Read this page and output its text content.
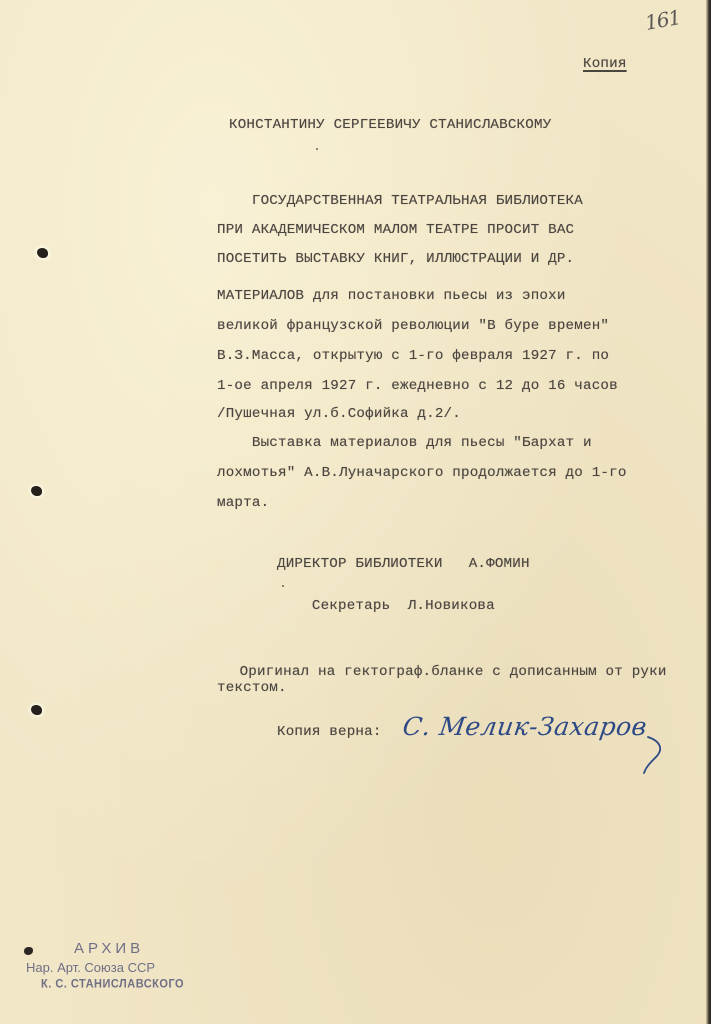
161
Копия
КОНСТАНТИНУ СЕРГЕЕВИЧУ СТАНИСЛАВСКОМУ
ГОСУДАРСТВЕННАЯ ТЕАТРАЛЬНАЯ БИБЛИОТЕКА
ПРИ АКАДЕМИЧЕСКОМ МАЛОМ ТЕАТРЕ ПРОСИТ ВАС
ПОСЕТИТЬ ВЫСТАВКУ КНИГ, ИЛЛЮСТРАЦИИ И ДР.
МАТЕРИАЛОВ для постановки пьесы из эпохи
великой французской революции "В буре времен"
В.З.Масса, открытую с 1-го февраля 1927 г. по
1-ое апреля 1927 г. ежедневно с 12 до 16 часов
/Пушечная ул.б.Софийка д.2/.
Выставка материалов для пьесы "Бархат и
лохмотья" А.В.Луначарского продолжается до 1-го
марта.
ДИРЕКТОР БИБЛИОТЕКИ   А.ФОМИН
Секретарь  Л.Новикова
Оригинал на гектограф.бланке с дописанным от руки
текстом.
Копия верна: С. Мелик-Захаров
АРХИВ
Нар. Арт. Союза ССР
К. С. СТАНИСЛАВСКОГО
